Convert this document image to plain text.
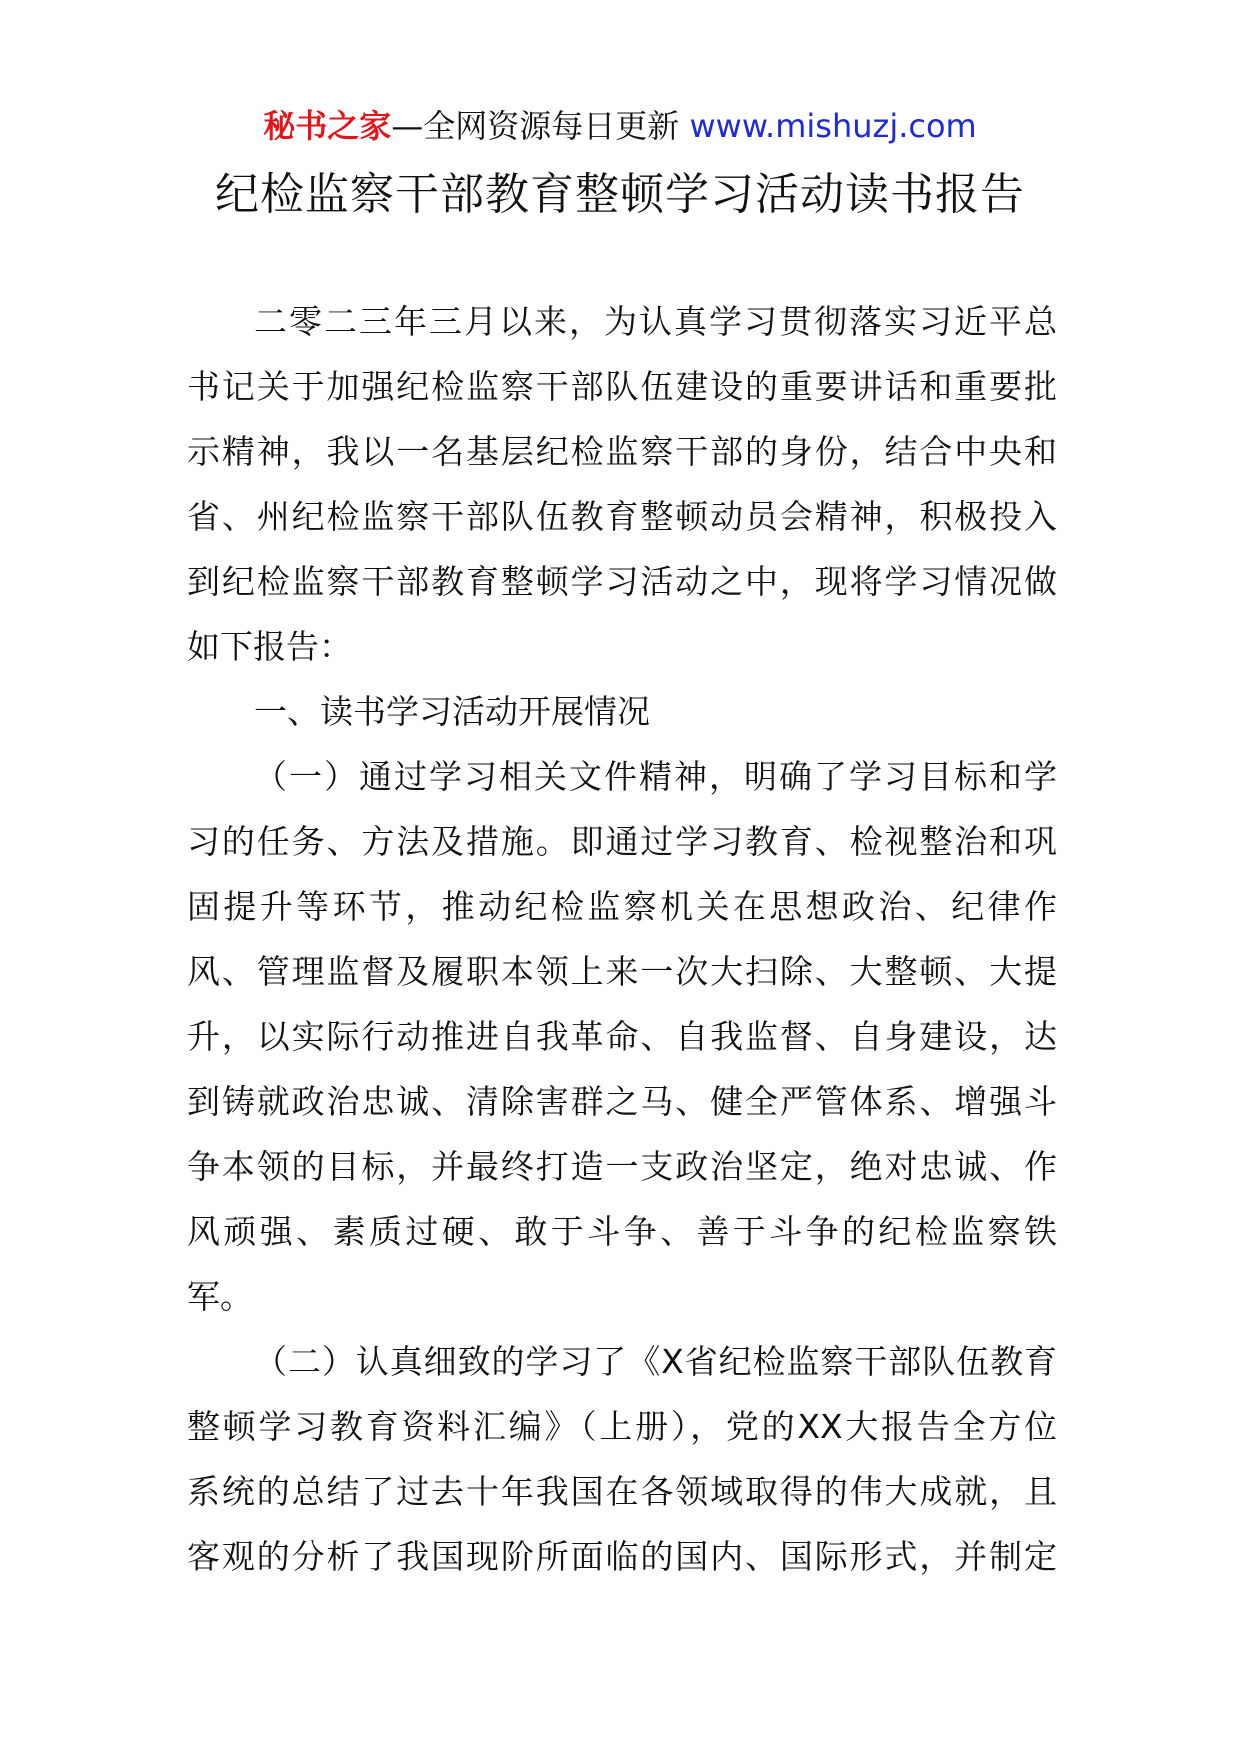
秘书之家—全网资源每日更新 www.mishuzj.com
纪检监察干部教育整顿学习活动读书报告
二零二三年三月以来，为认真学习贯彻落实习近平总
书记关于加强纪检监察干部队伍建设的重要讲话和重要批
示精神，我以一名基层纪检监察干部的身份，结合中央和
省、州纪检监察干部队伍教育整顿动员会精神，积极投入
到纪检监察干部教育整顿学习活动之中，现将学习情况做
如下报告：
一、读书学习活动开展情况
（一）通过学习相关文件精神，明确了学习目标和学
习的任务、方法及措施。即通过学习教育、检视整治和巩
固提升等环节，推动纪检监察机关在思想政治、纪律作
风、管理监督及履职本领上来一次大扫除、大整顿、大提
升，以实际行动推进自我革命、自我监督、自身建设，达
到铸就政治忠诚、清除害群之马、健全严管体系、增强斗
争本领的目标，并最终打造一支政治坚定，绝对忠诚、作
风顽强、素质过硬、敢于斗争、善于斗争的纪检监察铁
军。
（二）认真细致的学习了《X省纪检监察干部队伍教育
整顿学习教育资料汇编》（上册），党的XX大报告全方位
系统的总结了过去十年我国在各领域取得的伟大成就，且
客观的分析了我国现阶所面临的国内、国际形式，并制定
